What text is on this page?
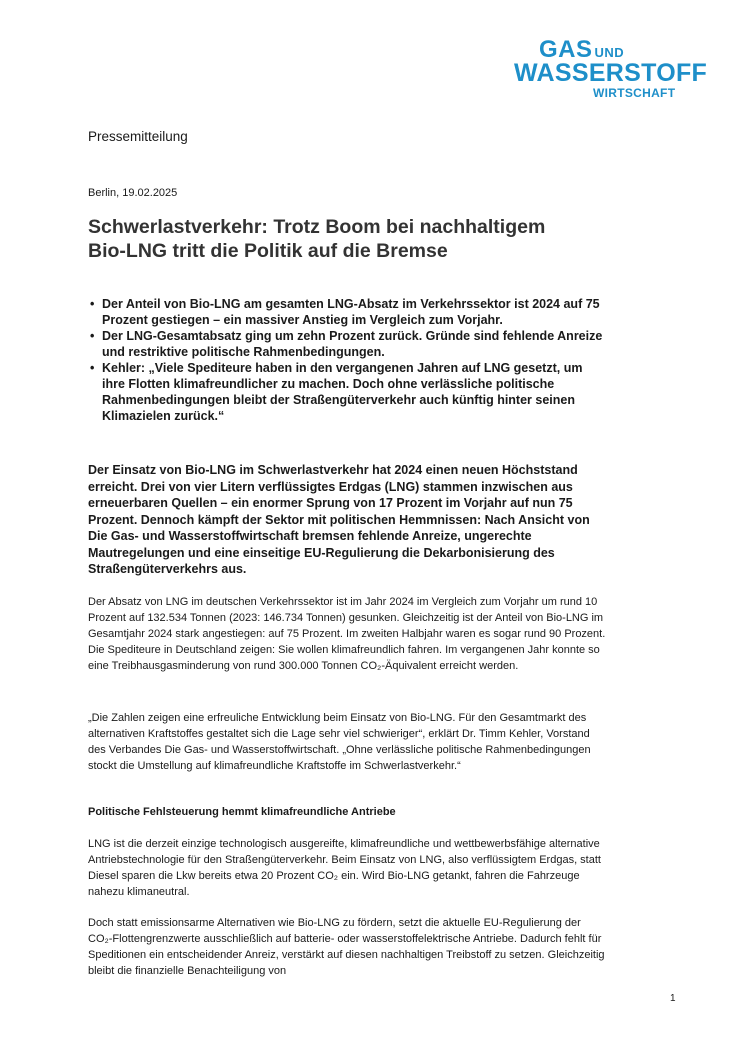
GAS UND
WASSERSTOFF
WIRTSCHAFT
Pressemitteilung
Berlin, 19.02.2025
Schwerlastverkehr: Trotz Boom bei nachhaltigem Bio-LNG tritt die Politik auf die Bremse
• Der Anteil von Bio-LNG am gesamten LNG-Absatz im Verkehrssektor ist 2024 auf 75 Prozent gestiegen – ein massiver Anstieg im Vergleich zum Vorjahr.
• Der LNG-Gesamtabsatz ging um zehn Prozent zurück. Gründe sind fehlende Anreize und restriktive politische Rahmenbedingungen.
• Kehler: „Viele Spediteure haben in den vergangenen Jahren auf LNG gesetzt, um ihre Flotten klimafreundlicher zu machen. Doch ohne verlässliche politische Rahmenbedingungen bleibt der Straßengüterverkehr auch künftig hinter seinen Klimazielen zurück.“

Der Einsatz von Bio-LNG im Schwerlastverkehr hat 2024 einen neuen Höchststand erreicht. Drei von vier Litern verflüssigtes Erdgas (LNG) stammen inzwischen aus erneuerbaren Quellen – ein enormer Sprung von 17 Prozent im Vorjahr auf nun 75 Prozent. Dennoch kämpft der Sektor mit politischen Hemmnissen: Nach Ansicht von Die Gas- und Wasserstoffwirtschaft bremsen fehlende Anreize, ungerechte Mautregelungen und eine einseitige EU-Regulierung die Dekarbonisierung des Straßengüterverkehrs aus.

Der Absatz von LNG im deutschen Verkehrssektor ist im Jahr 2024 im Vergleich zum Vorjahr um rund 10 Prozent auf 132.534 Tonnen (2023: 146.734 Tonnen) gesunken. Gleichzeitig ist der Anteil von Bio-LNG im Gesamtjahr 2024 stark angestiegen: auf 75 Prozent. Im zweiten Halbjahr waren es sogar rund 90 Prozent. Die Spediteure in Deutschland zeigen: Sie wollen klimafreundlich fahren. Im vergangenen Jahr konnte so eine Treibhausgasminderung von rund 300.000 Tonnen CO₂-Äquivalent erreicht werden.

„Die Zahlen zeigen eine erfreuliche Entwicklung beim Einsatz von Bio-LNG. Für den Gesamtmarkt des alternativen Kraftstoffes gestaltet sich die Lage sehr viel schwieriger“, erklärt Dr. Timm Kehler, Vorstand des Verbandes Die Gas- und Wasserstoffwirtschaft. „Ohne verlässliche politische Rahmenbedingungen stockt die Umstellung auf klimafreundliche Kraftstoffe im Schwerlastverkehr.“

Politische Fehlsteuerung hemmt klimafreundliche Antriebe

LNG ist die derzeit einzige technologisch ausgereifte, klimafreundliche und wettbewerbsfähige alternative Antriebstechnologie für den Straßengüterverkehr. Beim Einsatz von LNG, also verflüssigtem Erdgas, statt Diesel sparen die Lkw bereits etwa 20 Prozent CO₂ ein. Wird Bio-LNG getankt, fahren die Fahrzeuge nahezu klimaneutral.

Doch statt emissionsarme Alternativen wie Bio-LNG zu fördern, setzt die aktuelle EU-Regulierung der CO₂-Flottengrenzwerte ausschließlich auf batterie- oder wasserstoffelektrische Antriebe. Dadurch fehlt für Speditionen ein entscheidender Anreiz, verstärkt auf diesen nachhaltigen Treibstoff zu setzen. Gleichzeitig bleibt die finanzielle Benachteiligung von

1
